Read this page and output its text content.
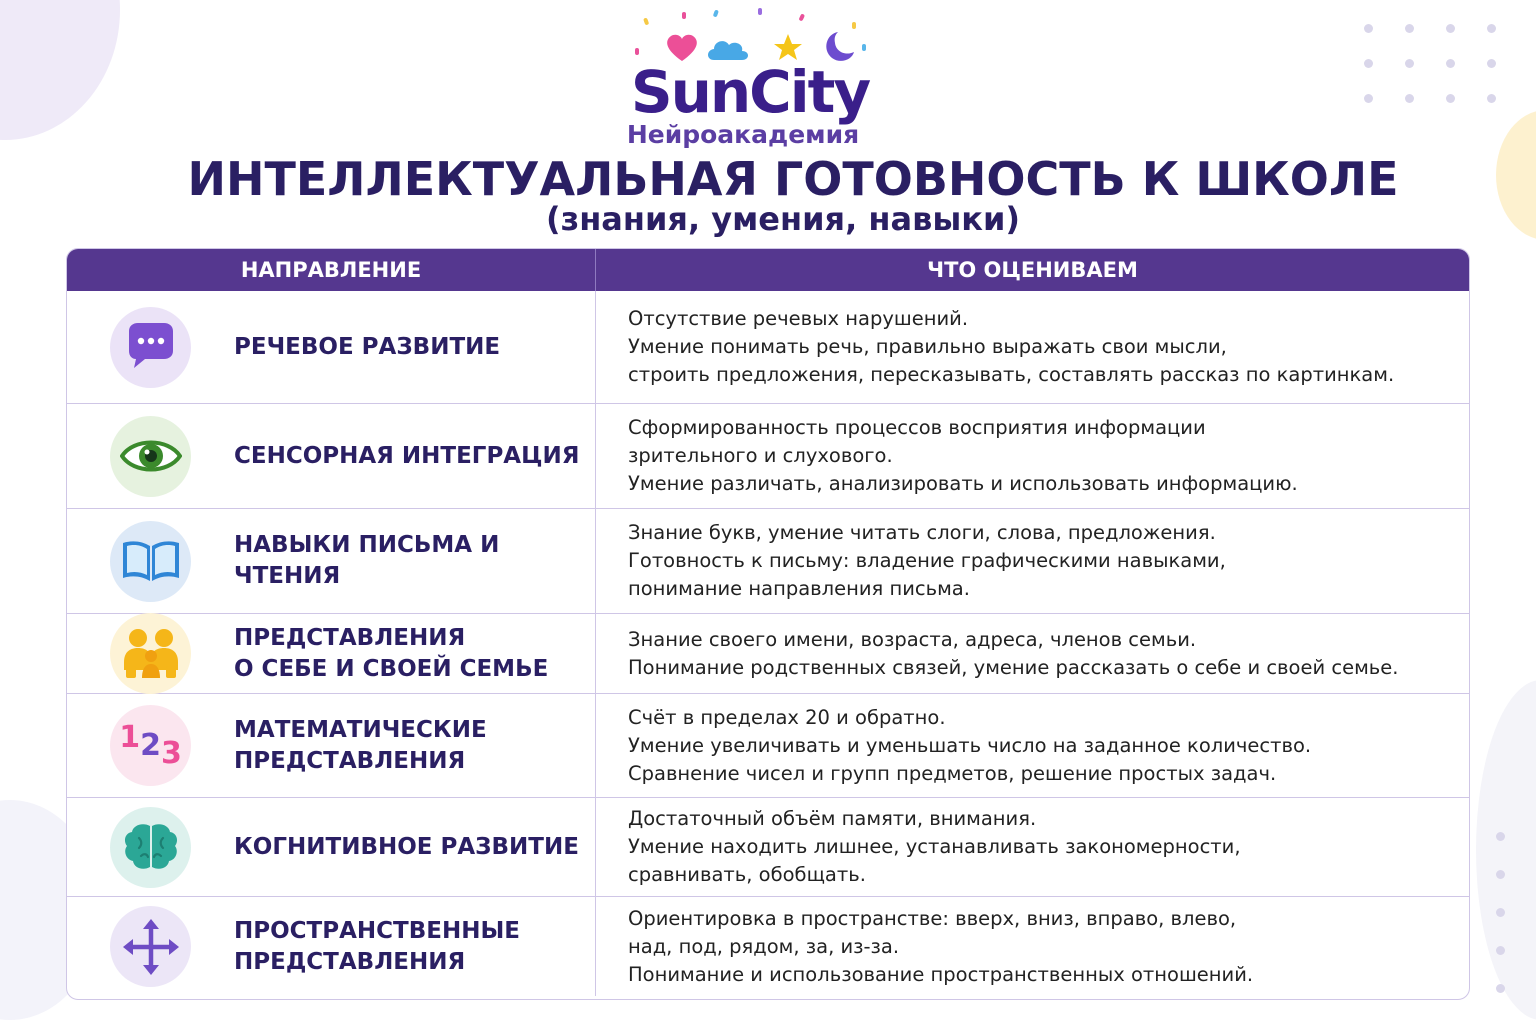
SunCity
Нейроакадемия
ИНТЕЛЛЕКТУАЛЬНАЯ ГОТОВНОСТЬ К ШКОЛЕ
(знания, умения, навыки)
НАПРАВЛЕНИЕ	ЧТО ОЦЕНИВАЕМ
РЕЧЕВОЕ РАЗВИТИЕ
Отсутствие речевых нарушений.
Умение понимать речь, правильно выражать свои мысли,
строить предложения, пересказывать, составлять рассказ по картинкам.
СЕНСОРНАЯ ИНТЕГРАЦИЯ
Сформированность процессов восприятия информации
зрительного и слухового.
Умение различать, анализировать и использовать информацию.
НАВЫКИ ПИСЬМА И ЧТЕНИЯ
Знание букв, умение читать слоги, слова, предложения.
Готовность к письму: владение графическими навыками,
понимание направления письма.
ПРЕДСТАВЛЕНИЯ
О СЕБЕ И СВОЕЙ СЕМЬЕ
Знание своего имени, возраста, адреса, членов семьи.
Понимание родственных связей, умение рассказать о себе и своей семье.
1 2 3
МАТЕМАТИЧЕСКИЕ
ПРЕДСТАВЛЕНИЯ
Счёт в пределах 20 и обратно.
Умение увеличивать и уменьшать число на заданное количество.
Сравнение чисел и групп предметов, решение простых задач.
КОГНИТИВНОЕ РАЗВИТИЕ
Достаточный объём памяти, внимания.
Умение находить лишнее, устанавливать закономерности,
сравнивать, обобщать.
ПРОСТРАНСТВЕННЫЕ
ПРЕДСТАВЛЕНИЯ
Ориентировка в пространстве: вверх, вниз, вправо, влево,
над, под, рядом, за, из-за.
Понимание и использование пространственных отношений.
